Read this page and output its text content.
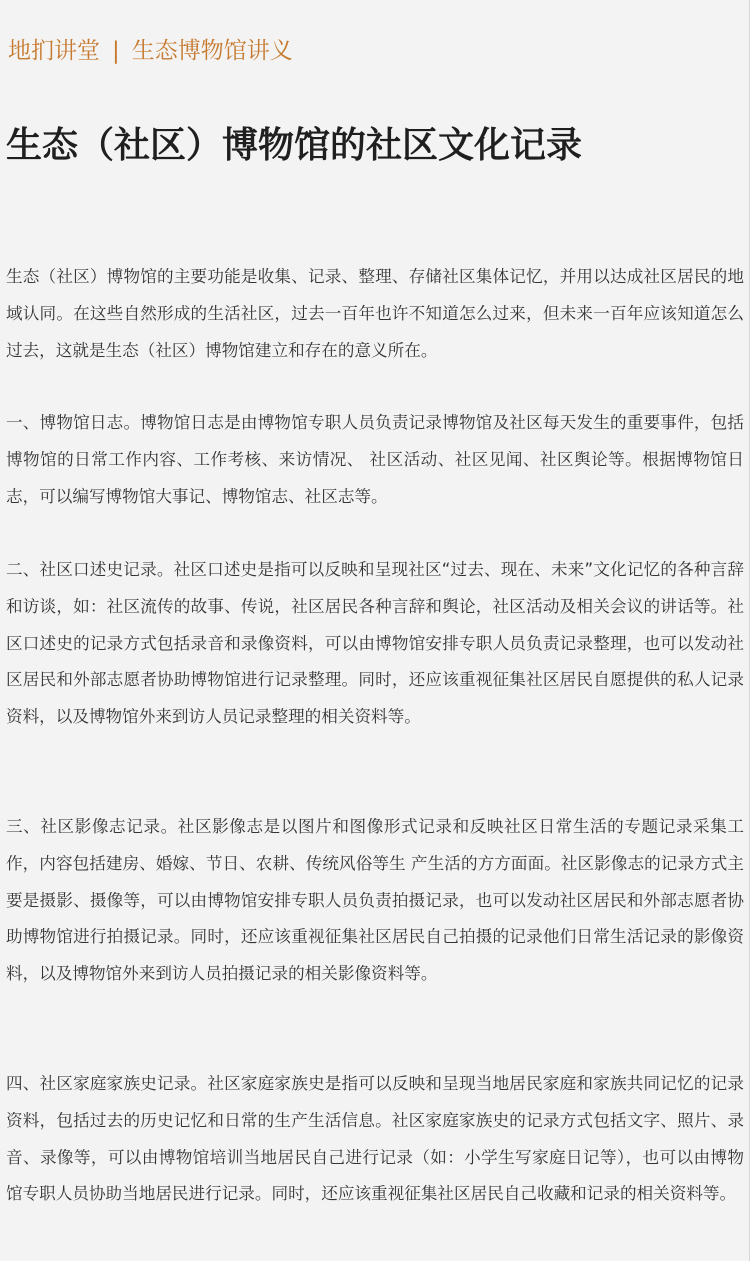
地扪讲堂 | 生态博物馆讲义
生态（社区）博物馆的社区文化记录

生态（社区）博物馆的主要功能是收集、记录、整理、存储社区集体记忆，并用以达成社区居民的地域认同。在这些自然形成的生活社区，过去一百年也许不知道怎么过来，但未来一百年应该知道怎么过去，这就是生态（社区）博物馆建立和存在的意义所在。

一、博物馆日志。博物馆日志是由博物馆专职人员负责记录博物馆及社区每天发生的重要事件，包括博物馆的日常工作内容、工作考核、来访情况、 社区活动、社区见闻、社区舆论等。根据博物馆日志，可以编写博物馆大事记、博物馆志、社区志等。

二、社区口述史记录。社区口述史是指可以反映和呈现社区“过去、现在、未来”文化记忆的各种言辞和访谈，如：社区流传的故事、传说，社区居民各种言辞和舆论，社区活动及相关会议的讲话等。社区口述史的记录方式包括录音和录像资料，可以由博物馆安排专职人员负责记录整理，也可以发动社区居民和外部志愿者协助博物馆进行记录整理。同时，还应该重视征集社区居民自愿提供的私人记录资料，以及博物馆外来到访人员记录整理的相关资料等。

三、社区影像志记录。社区影像志是以图片和图像形式记录和反映社区日常生活的专题记录采集工作，内容包括建房、婚嫁、节日、农耕、传统风俗等生 产生活的方方面面。社区影像志的记录方式主要是摄影、摄像等，可以由博物馆安排专职人员负责拍摄记录，也可以发动社区居民和外部志愿者协助博物馆进行拍摄记录。同时，还应该重视征集社区居民自己拍摄的记录他们日常生活记录的影像资料，以及博物馆外来到访人员拍摄记录的相关影像资料等。

四、社区家庭家族史记录。社区家庭家族史是指可以反映和呈现当地居民家庭和家族共同记忆的记录资料，包括过去的历史记忆和日常的生产生活信息。社区家庭家族史的记录方式包括文字、照片、录音、录像等，可以由博物馆培训当地居民自己进行记录（如：小学生写家庭日记等），也可以由博物馆专职人员协助当地居民进行记录。同时，还应该重视征集社区居民自己收藏和记录的相关资料等。
